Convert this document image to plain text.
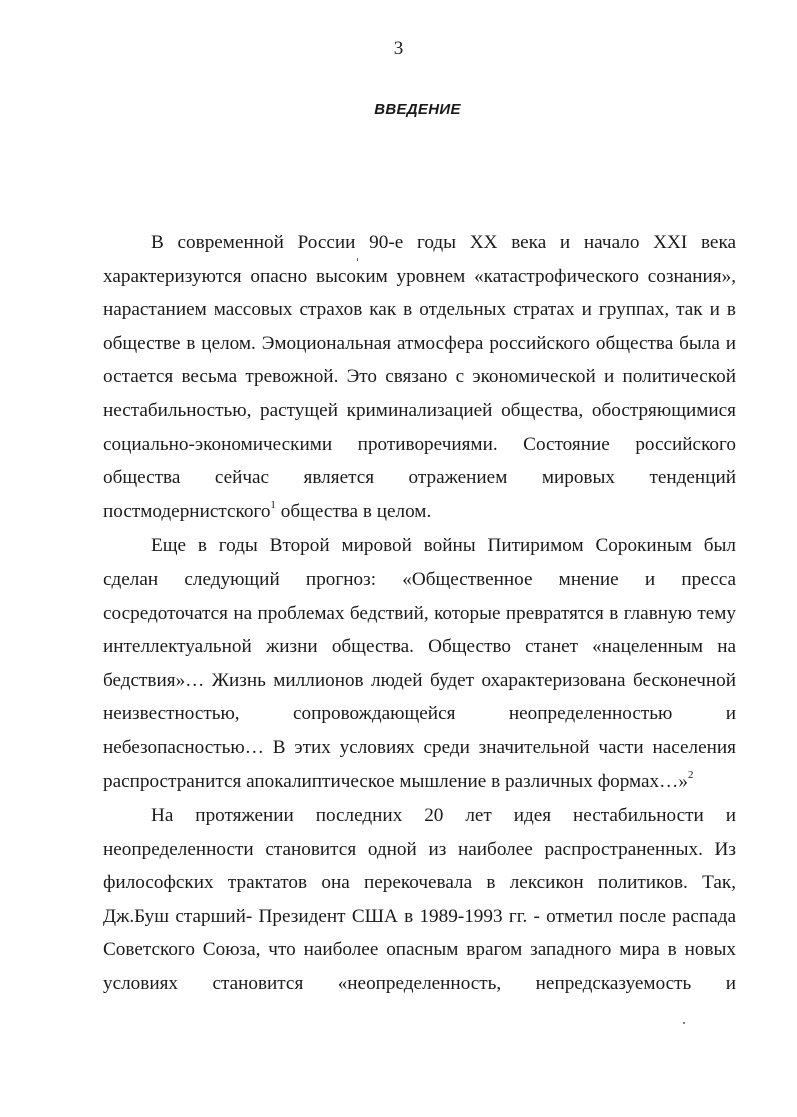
3
ВВЕДЕНИЕ

В современной России 90-е годы XX века и начало XXI века характеризуются опасно высоким уровнем «катастрофического сознания», нарастанием массовых страхов как в отдельных стратах и группах, так и в обществе в целом. Эмоциональная атмосфера российского общества была и остается весьма тревожной. Это связано с экономической и политической нестабильностью, растущей криминализацией общества, обостряющимися социально-экономическими противоречиями. Состояние российского общества сейчас является отражением мировых тенденций постмодернистского$^1$ общества в целом.

Еще в годы Второй мировой войны Питиримом Сорокиным был сделан следующий прогноз: «Общественное мнение и пресса сосредоточатся на проблемах бедствий, которые превратятся в главную тему интеллектуальной жизни общества. Общество станет «нацеленным на бедствия»… Жизнь миллионов людей будет охарактеризована бесконечной неизвестностью, сопровождающейся неопределенностью и небезопасностью… В этих условиях среди значительной части населения распространится апокалиптическое мышление в различных формах…»$^2$

На протяжении последних 20 лет идея нестабильности и неопределенности становится одной из наиболее распространенных. Из философских трактатов она перекочевала в лексикон политиков. Так, Дж.Буш старший- Президент США в 1989-1993 гг. - отметил после распада Советского Союза, что наиболее опасным врагом западного мира в новых условиях становится «неопределенность, непредсказуемость и
